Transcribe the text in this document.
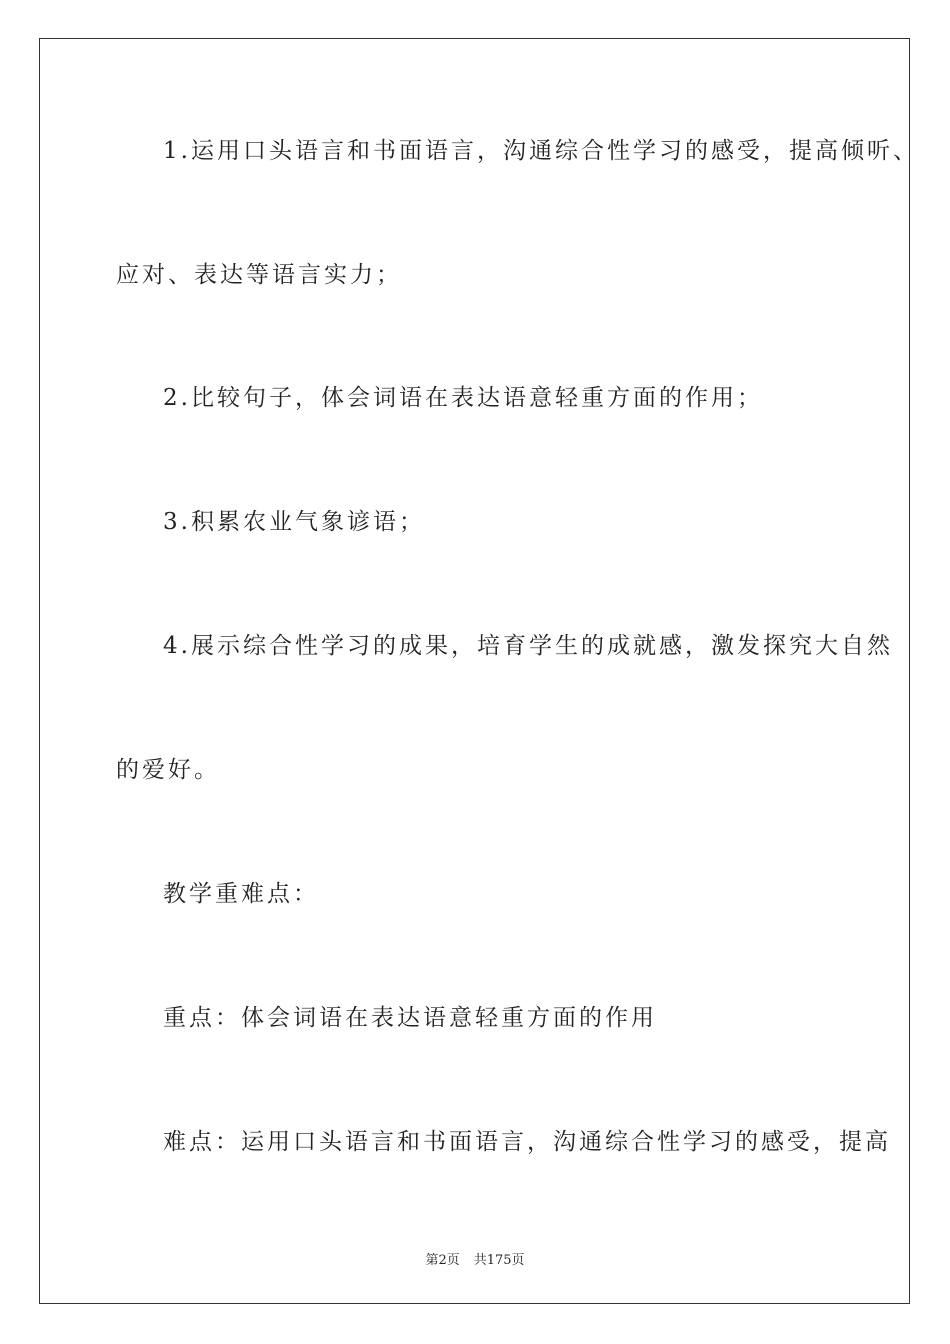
1.运用口头语言和书面语言，沟通综合性学习的感受，提高倾听、
应对、表达等语言实力；
2.比较句子，体会词语在表达语意轻重方面的作用；
3.积累农业气象谚语；
4.展示综合性学习的成果，培育学生的成就感，激发探究大自然
的爱好。
教学重难点：
重点：体会词语在表达语意轻重方面的作用
难点：运用口头语言和书面语言，沟通综合性学习的感受，提高
第2页 共175页
